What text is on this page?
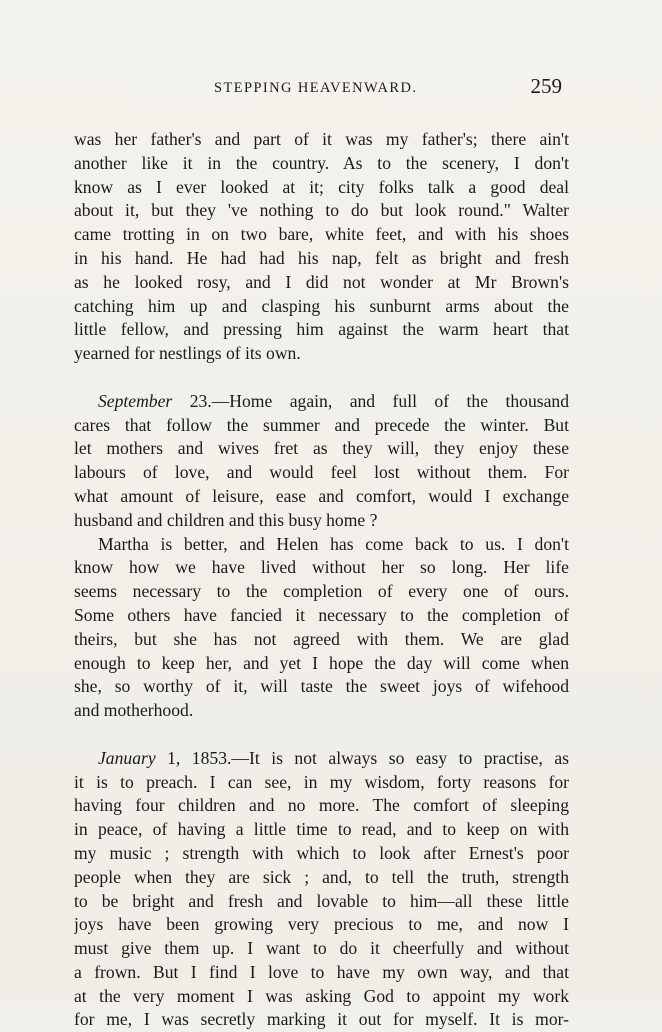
STEPPING HEAVENWARD.	259
was her father's and part of it was my father's; there ain't
another like it in the country. As to the scenery, I don't
know as I ever looked at it; city folks talk a good deal
about it, but they 've nothing to do but look round." Walter
came trotting in on two bare, white feet, and with his shoes
in his hand. He had had his nap, felt as bright and fresh
as he looked rosy, and I did not wonder at Mr Brown's
catching him up and clasping his sunburnt arms about the
little fellow, and pressing him against the warm heart that
yearned for nestlings of its own.
September 23.—Home again, and full of the thousand
cares that follow the summer and precede the winter. But
let mothers and wives fret as they will, they enjoy these
labours of love, and would feel lost without them. For
what amount of leisure, ease and comfort, would I exchange
husband and children and this busy home ?
Martha is better, and Helen has come back to us. I don't
know how we have lived without her so long. Her life
seems necessary to the completion of every one of ours.
Some others have fancied it necessary to the completion of
theirs, but she has not agreed with them. We are glad
enough to keep her, and yet I hope the day will come when
she, so worthy of it, will taste the sweet joys of wifehood
and motherhood.
January 1, 1853.—It is not always so easy to practise, as
it is to preach. I can see, in my wisdom, forty reasons for
having four children and no more. The comfort of sleeping
in peace, of having a little time to read, and to keep on with
my music ; strength with which to look after Ernest's poor
people when they are sick ; and, to tell the truth, strength
to be bright and fresh and lovable to him—all these little
joys have been growing very precious to me, and now I
must give them up. I want to do it cheerfully and without
a frown. But I find I love to have my own way, and that
at the very moment I was asking God to appoint my work
for me, I was secretly marking it out for myself. It is mor-
